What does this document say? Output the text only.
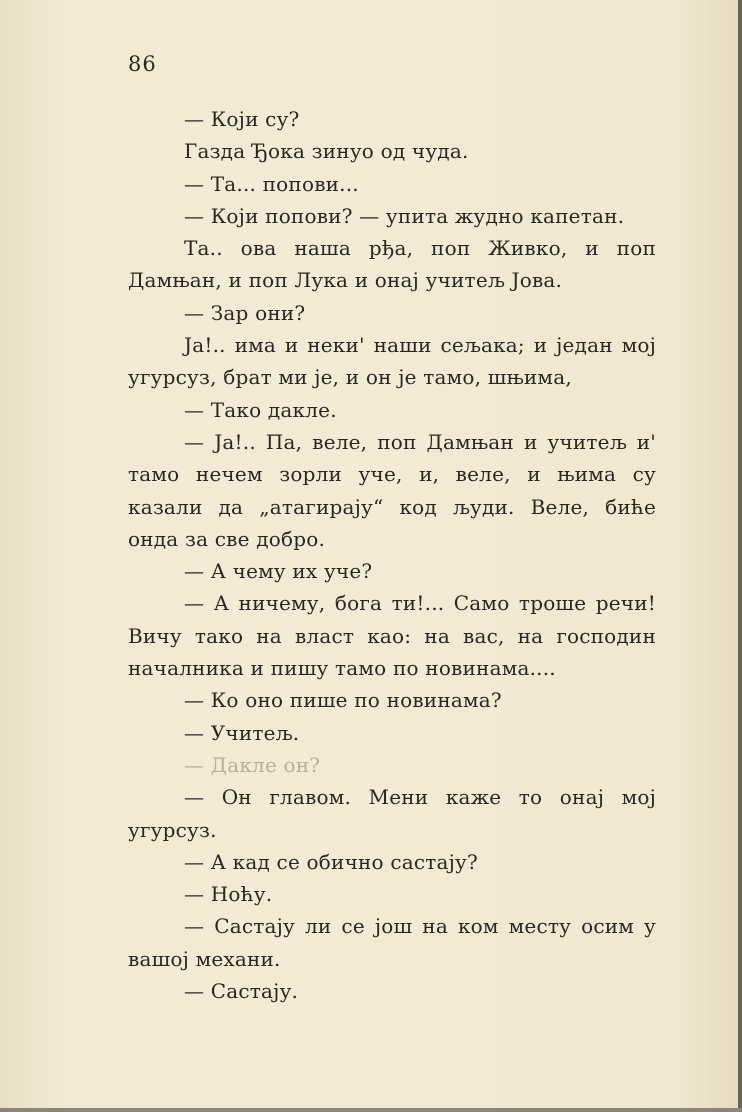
86

— Који су?

Газда Ђока зинуо од чуда.

— Та... попови...

— Који попови? — упита жудно капетан.

Та.. ова наша рђа, поп Живко, и поп Дамњан, и поп Лука и онај учитељ Јова.

— Зар они?

Ја!.. има и неки' наши сељака; и један мој угурсуз, брат ми је, и он је тамо, шњима,

— Тако дакле.

— Ја!.. Па, веле, поп Дамњан и учитељ и' тамо нечем зорли уче, и, веле, и њима су казали да „атагирају“ код људи. Веле, биће онда за све добро.

— А чему их уче?

— А ничему, бога ти!... Само троше речи! Вичу тако на власт као: на вас, на господин началника и пишу тамо по новинама....

— Ко оно пише по новинама?

— Учитељ.

— Дакле он?

— Он главом. Мени каже то онај мој угурсуз.

— А кад се обично састају?

— Ноћу.

— Састају ли се још на ком месту осим у вашој механи.

— Састају.
